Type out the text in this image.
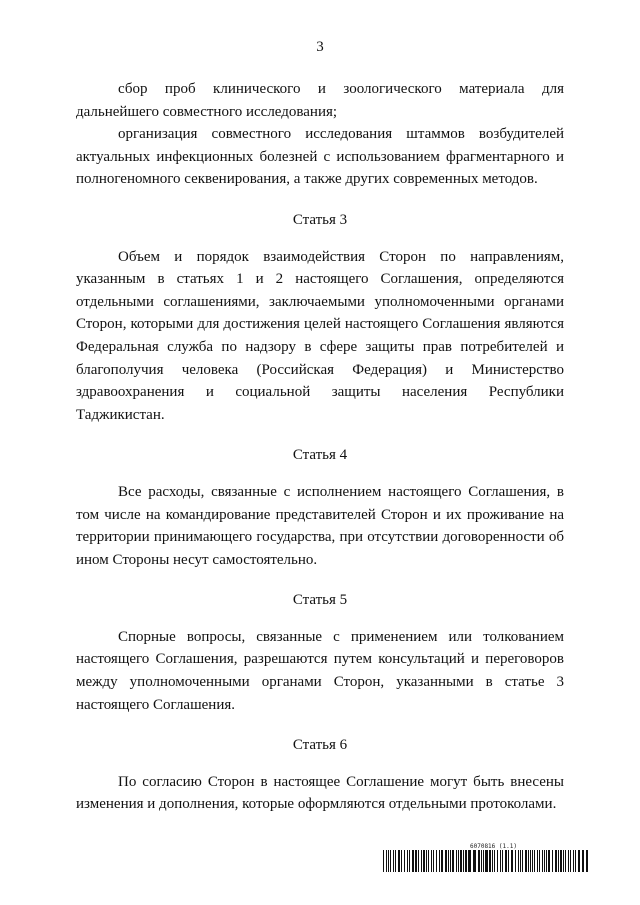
3

сбор проб клинического и зоологического материала для дальнейшего совместного исследования;

организация совместного исследования штаммов возбудителей актуальных инфекционных болезней с использованием фрагментарного и полногеномного секвенирования, а также других современных методов.

Статья 3

Объем и порядок взаимодействия Сторон по направлениям, указанным в статьях 1 и 2 настоящего Соглашения, определяются отдельными соглашениями, заключаемыми уполномоченными органами Сторон, которыми для достижения целей настоящего Соглашения являются Федеральная служба по надзору в сфере защиты прав потребителей и благополучия человека (Российская Федерация) и Министерство здравоохранения и социальной защиты населения Республики Таджикистан.

Статья 4

Все расходы, связанные с исполнением настоящего Соглашения, в том числе на командирование представителей Сторон и их проживание на территории принимающего государства, при отсутствии договоренности об ином Стороны несут самостоятельно.

Статья 5

Спорные вопросы, связанные с применением или толкованием настоящего Соглашения, разрешаются путем консультаций и переговоров между уполномоченными органами Сторон, указанными в статье 3 настоящего Соглашения.

Статья 6

По согласию Сторон в настоящее Соглашение могут быть внесены изменения и дополнения, которые оформляются отдельными протоколами.

6070816 (1.1)
